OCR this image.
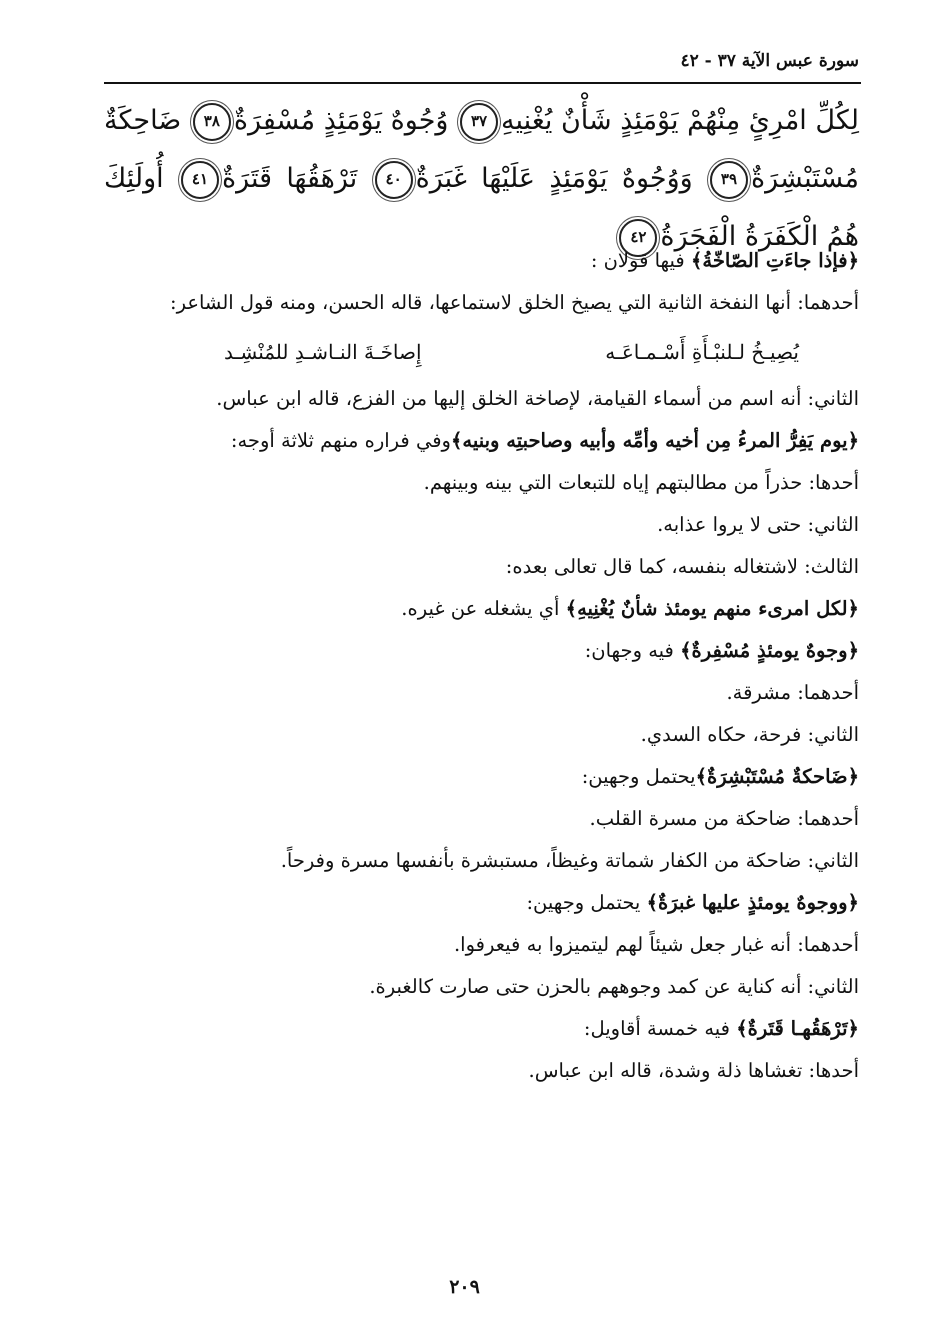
سورة عبس الآية ٣٧ - ٤٢
لِكُلِّ امْرِئٍ مِنْهُمْ يَوْمَئِذٍ شَأْنٌ يُغْنِيهِ٣٧ وُجُوهٌ يَوْمَئِذٍ مُسْفِرَةٌ٣٨ ضَاحِكَةٌ مُسْتَبْشِرَةٌ٣٩ وَوُجُوهٌ يَوْمَئِذٍ عَلَيْهَا غَبَرَةٌ٤٠ تَرْهَقُهَا قَتَرَةٌ٤١ أُولَئِكَ هُمُ الْكَفَرَةُ الْفَجَرَةُ٤٢

﴿فإذا جاءَتِ الصّاخّةُ﴾ فيها قولان :

أحدهما: أنها النفخة الثانية التي يصيخ الخلق لاستماعها، قاله الحسن، ومنه قول الشاعر:

يُصِيـخُ لـلنبْـأَةِ أَسْـمـاعَـه
إِصاخَـةَ النـاشـدِ للمُنْشِـد

الثاني: أنه اسم من أسماء القيامة، لإصاخة الخلق إليها من الفزع، قاله ابن عباس.

﴿يوم يَفِرُّ المرءُ مِن أخيه وأمِّه وأبيه وصاحبتِه وبنيه﴾وفي فراره منهم ثلاثة أوجه:

أحدها: حذراً من مطالبتهم إياه للتبعات التي بينه وبينهم.

الثاني: حتى لا يروا عذابه.

الثالث: لاشتغاله بنفسه، كما قال تعالى بعده:

﴿لكل امرىء منهم يومئذ شأنٌ يُغْنِيهِ﴾ أي يشغله عن غيره.

﴿وجوهٌ يومئذٍ مُسْفِرةٌ﴾ فيه وجهان:

أحدهما: مشرقة.

الثاني: فرحة، حكاه السدي.

﴿ضَاحكةٌ مُسْتَبْشِرَةٌ﴾يحتمل وجهين:

أحدهما: ضاحكة من مسرة القلب.

الثاني: ضاحكة من الكفار شماتة وغيظاً، مستبشرة بأنفسها مسرة وفرحاً.

﴿ووجوهٌ يومئذٍ عليها غبرَةٌ﴾ يحتمل وجهين:

أحدهما: أنه غبار جعل شيئاً لهم ليتميزوا به فيعرفوا.

الثاني: أنه كناية عن كمد وجوههم بالحزن حتى صارت كالغبرة.

﴿تَرْهَقُهـا قَتَرةٌ﴾ فيه خمسة أقاويل:

أحدها: تغشاها ذلة وشدة، قاله ابن عباس.

٢٠٩
